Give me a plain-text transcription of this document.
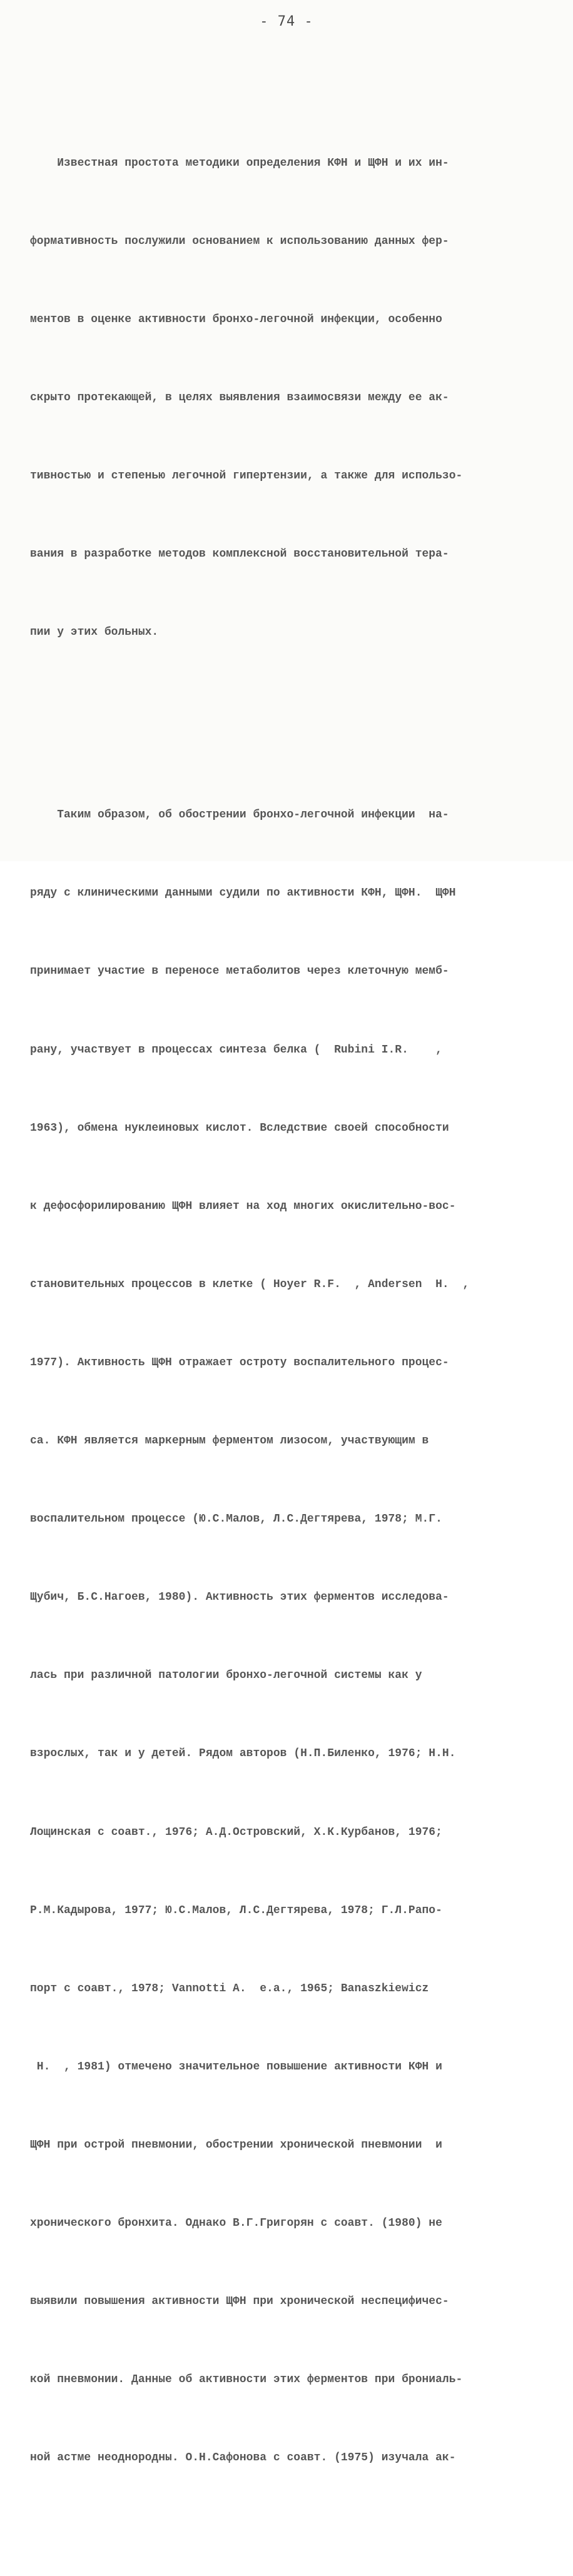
- 74 -

Известная простота методики определения КФН и ЩФН и их ин-

формативность послужили основанием к использованию данных фер-

ментов в оценке активности бронхо-легочной инфекции, особенно

скрыто протекающей, в целях выявления взаимосвязи между ее ак-

тивностью и степенью легочной гипертензии, а также для использо-

вания в разработке методов комплексной восстановительной тера-

пии у этих больных.

Таким образом, об обострении бронхо-легочной инфекции  на-

ряду с клиническими данными судили по активности КФН, ЩФН.  ЩФН

принимает участие в переносе метаболитов через клеточную мемб-

рану, участвует в процессах синтеза белка (  Rubini I.R.    ,

1963), обмена нуклеиновых кислот. Вследствие своей способности

к дефосфорилированию ЩФН влияет на ход многих окислительно-вос-

становительных процессов в клетке ( Hoyer R.F.  , Andersen  H.  ,

1977). Активность ЩФН отражает остроту воспалительного процес-

са. КФН является маркерным ферментом лизосом, участвующим в

воспалительном процессе (Ю.С.Малов, Л.С.Дегтярева, 1978; М.Г.

Щубич, Б.С.Нагоев, 1980). Активность этих ферментов исследова-

лась при различной патологии бронхо-легочной системы как у

взрослых, так и у детей. Рядом авторов (Н.П.Биленко, 1976; Н.Н.

Лощинская с соавт., 1976; А.Д.Островский, Х.К.Курбанов, 1976;

Р.М.Кадырова, 1977; Ю.С.Малов, Л.С.Дегтярева, 1978; Г.Л.Рапо-

порт с соавт., 1978; Vannotti A.  e.a., 1965; Banaszkiewicz

H.  , 1981) отмечено значительное повышение активности КФН и

ЩФН при острой пневмонии, обострении хронической пневмонии  и

хронического бронхита. Однако В.Г.Григорян с соавт. (1980) не

выявили повышения активности ЩФН при хронической неспецифичес-

кой пневмонии. Данные об активности этих ферментов при брониаль-

ной астме неоднородны. О.Н.Сафонова с соавт. (1975) изучала ак-
